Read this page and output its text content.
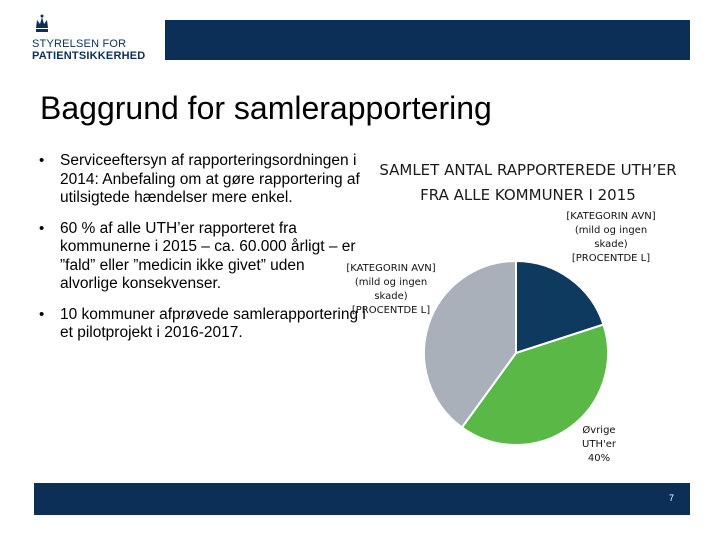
STYRELSEN FOR
PATIENTSIKKERHED
Baggrund for samlerapportering
• Serviceeftersyn af rapporteringsordningen i 2014: Anbefaling om at gøre rapportering af utilsigtede hændelser mere enkel.
• 60 % af alle UTH’er rapporteret fra kommunerne i 2015 – ca. 60.000 årligt – er ”fald” eller ”medicin ikke givet” uden alvorlige konsekvenser.
• 10 kommuner afprøvede samlerapportering i et pilotprojekt i 2016-2017.
SAMLET ANTAL RAPPORTEREDE UTH’ER FRA ALLE KOMMUNER I 2015
[KATEGORIN AVN]
(mild og ingen skade)
[PROCENTDE L]
Øvrige UTH'er
40%
[KATEGORIN AVN]
(mild og ingen skade)
[PROCENTDE L]
7
